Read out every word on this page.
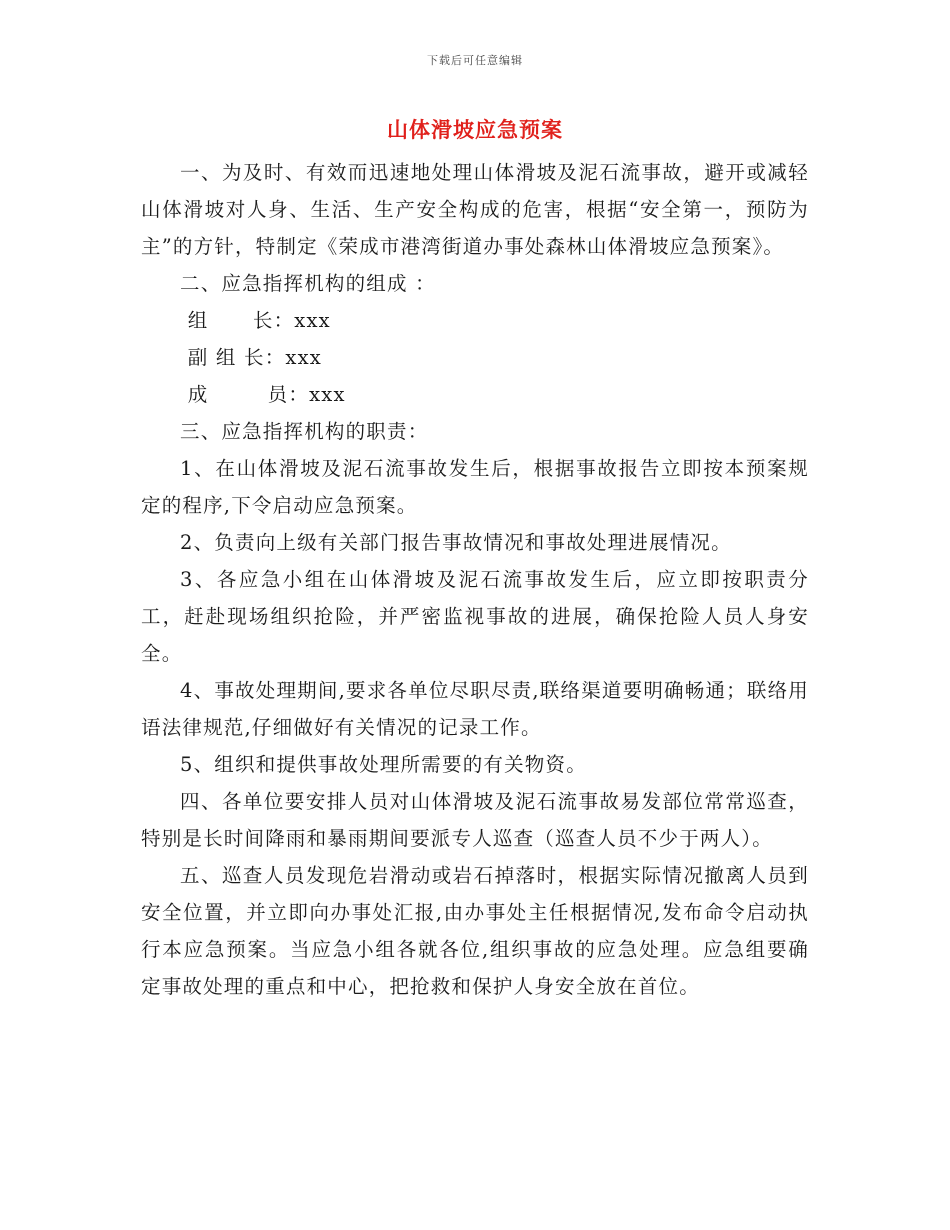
下载后可任意编辑
山体滑坡应急预案

一、为及时、有效而迅速地处理山体滑坡及泥石流事故，避开或减轻山体滑坡对人身、生活、生产安全构成的危害，根据“安全第一，预防为主”的方针，特制定《荣成市港湾街道办事处森林山体滑坡应急预案》。

二、应急指挥机构的组成 ：

组      长：xxx

副 组 长：xxx

成        员：xxx

三、应急指挥机构的职责：

1、在山体滑坡及泥石流事故发生后，根据事故报告立即按本预案规定的程序,下令启动应急预案。

2、负责向上级有关部门报告事故情况和事故处理进展情况。

3、各应急小组在山体滑坡及泥石流事故发生后，应立即按职责分工，赶赴现场组织抢险，并严密监视事故的进展，确保抢险人员人身安全。

4、事故处理期间,要求各单位尽职尽责,联络渠道要明确畅通；联络用语法律规范,仔细做好有关情况的记录工作。

5、组织和提供事故处理所需要的有关物资。

四、各单位要安排人员对山体滑坡及泥石流事故易发部位常常巡查，特别是长时间降雨和暴雨期间要派专人巡查（巡查人员不少于两人）。

五、巡查人员发现危岩滑动或岩石掉落时，根据实际情况撤离人员到安全位置，并立即向办事处汇报,由办事处主任根据情况,发布命令启动执行本应急预案。当应急小组各就各位,组织事故的应急处理。应急组要确定事故处理的重点和中心，把抢救和保护人身安全放在首位。
